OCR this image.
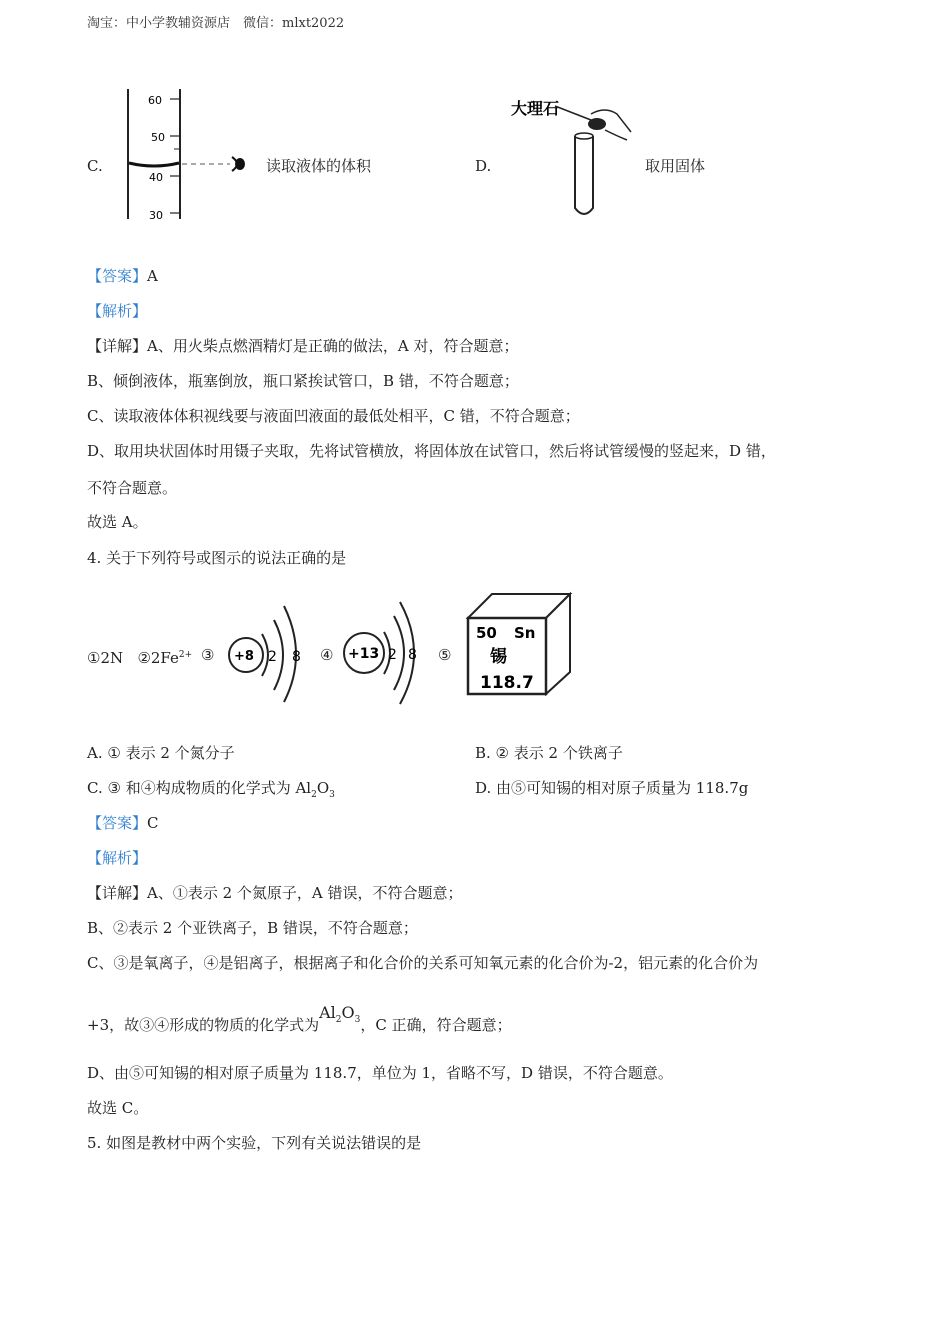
淘宝：中小学教辅资源店　微信：mlxt2022
C.
60
50
40
30
读取液体的体积	D.
大理石
取用固体
【答案】A
【解析】
【详解】A、用火柴点燃酒精灯是正确的做法，A 对，符合题意；
B、倾倒液体，瓶塞倒放，瓶口紧挨试管口，B 错，不符合题意；
C、读取液体体积视线要与液面凹液面的最低处相平，C 错，不符合题意；
D、取用块状固体时用镊子夹取，先将试管横放，将固体放在试管口，然后将试管缓慢的竖起来，D 错，
不符合题意。
故选 A。
4. 关于下列符号或图示的说法正确的是
①2N $②2Fe^{2+}$ ③ +8 2 8 ④ +13 2 8 ⑤
50 Sn
锡
118.7
A. ① 表示 2 个氮分子	B. ② 表示 2 个铁离子
C. ③ 和④构成物质的化学式为 $Al_2O_3$	D. 由⑤可知锡的相对原子质量为 118.7g
【答案】C
【解析】
【详解】A、①表示 2 个氮原子，A 错误，不符合题意；
B、②表示 2 个亚铁离子，B 错误，不符合题意；
C、③是氧离子，④是铝离子，根据离子和化合价的关系可知氧元素的化合价为-2，铝元素的化合价为
+3，故③④形成的物质的化学式为$Al_2O_3$，C 正确，符合题意；
D、由⑤可知锡的相对原子质量为 118.7，单位为 1，省略不写，D 错误，不符合题意。
故选 C。
5. 如图是教材中两个实验，下列有关说法错误的是
